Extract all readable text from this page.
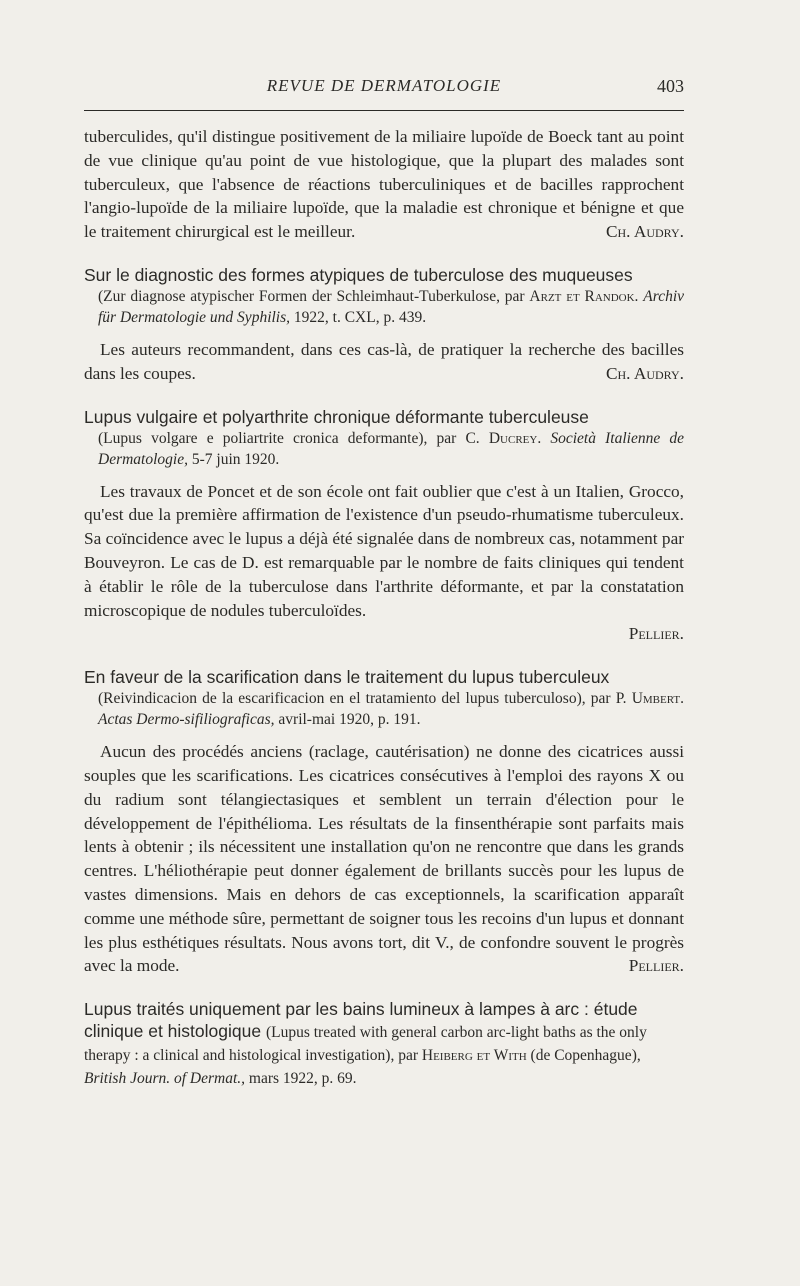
REVUE DE DERMATOLOGIE	403

tuberculides, qu'il distingue positivement de la miliaire lupoïde de Boeck tant au point de vue clinique qu'au point de vue histologique, que la plupart des malades sont tuberculeux, que l'absence de réactions tuberculiniques et de bacilles rapprochent l'angio-lupoïde de la miliaire lupoïde, que la maladie est chronique et bénigne et que le traitement chirurgical est le meilleur.	Ch. Audry.

Sur le diagnostic des formes atypiques de tuberculose des muqueuses

(Zur diagnose atypischer Formen der Schleimhaut-Tuberkulose, par Arzt et Randok. Archiv für Dermatologie und Syphilis, 1922, t. CXL, p. 439.

Les auteurs recommandent, dans ces cas-là, de pratiquer la recherche des bacilles dans les coupes.	Ch. Audry.

Lupus vulgaire et polyarthrite chronique déformante tuberculeuse

(Lupus volgare e poliartrite cronica deformante), par C. Ducrey. Società Italienne de Dermatologie, 5-7 juin 1920.

Les travaux de Poncet et de son école ont fait oublier que c'est à un Italien, Grocco, qu'est due la première affirmation de l'existence d'un pseudo-rhumatisme tuberculeux. Sa coïncidence avec le lupus a déjà été signalée dans de nombreux cas, notamment par Bouveyron. Le cas de D. est remarquable par le nombre de faits cliniques qui tendent à établir le rôle de la tuberculose dans l'arthrite déformante, et par la constatation microscopique de nodules tuberculoïdes.

Pellier.

En faveur de la scarification dans le traitement du lupus tuberculeux

(Reivindicacion de la escarificacion en el tratamiento del lupus tuberculoso), par P. Umbert. Actas Dermo-sifiliograficas, avril-mai 1920, p. 191.

Aucun des procédés anciens (raclage, cautérisation) ne donne des cicatrices aussi souples que les scarifications. Les cicatrices consécutives à l'emploi des rayons X ou du radium sont télangiectasiques et semblent un terrain d'élection pour le développement de l'épithélioma. Les résultats de la finsenthérapie sont parfaits mais lents à obtenir ; ils nécessitent une installation qu'on ne rencontre que dans les grands centres. L'héliothérapie peut donner également de brillants succès pour les lupus de vastes dimensions. Mais en dehors de cas exceptionnels, la scarification apparaît comme une méthode sûre, permettant de soigner tous les recoins d'un lupus et donnant les plus esthétiques résultats. Nous avons tort, dit V., de confondre souvent le progrès avec la mode.	Pellier.

Lupus traités uniquement par les bains lumineux à lampes à arc : étude clinique et histologique (Lupus treated with general carbon arc-light baths as the only therapy : a clinical and histological investigation), par Heiberg et With (de Copenhague), British Journ. of Dermat., mars 1922, p. 69.
